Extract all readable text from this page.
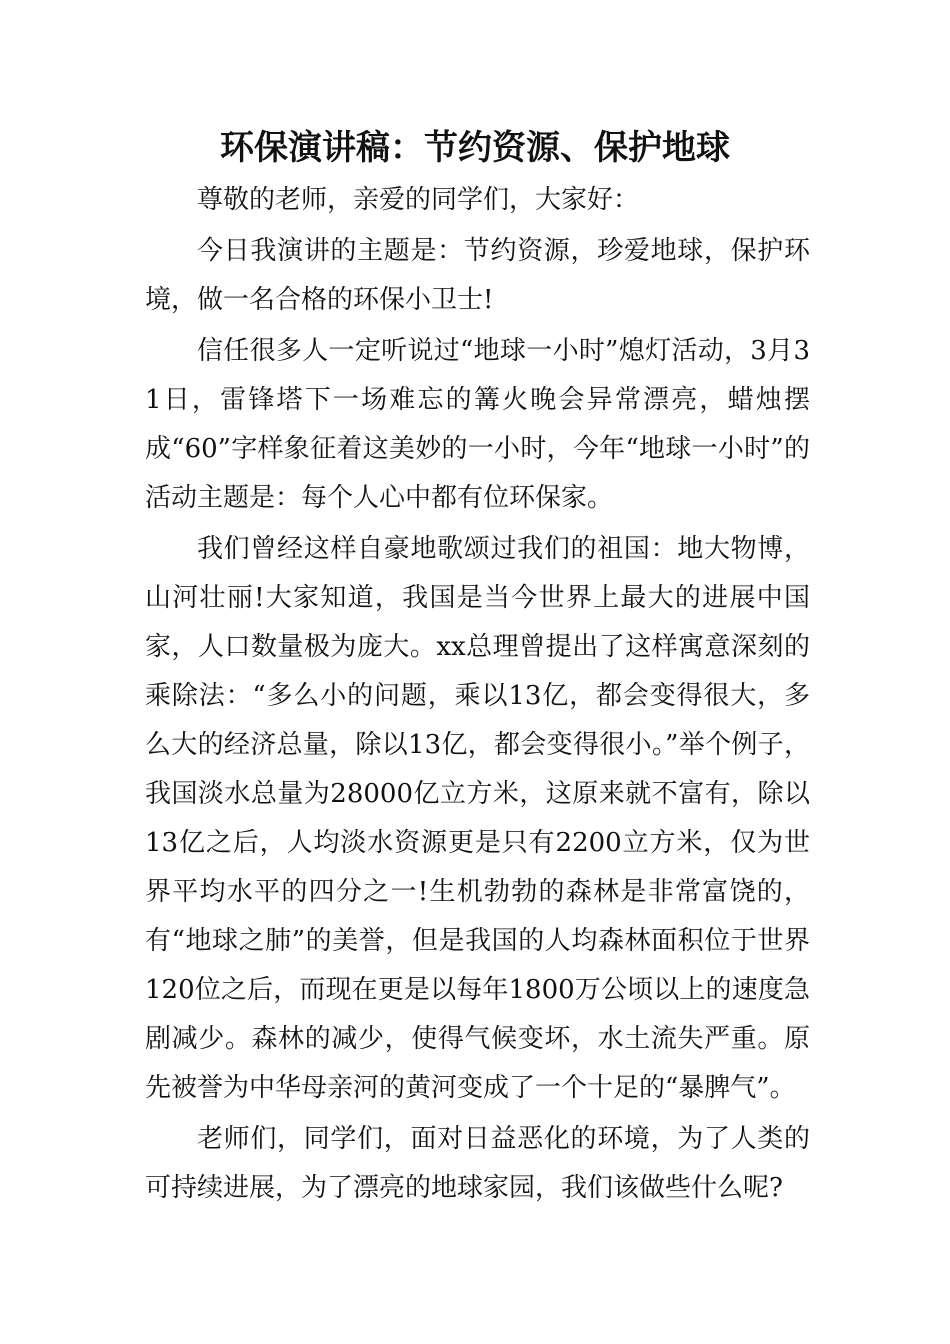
环保演讲稿：节约资源、保护地球

尊敬的老师，亲爱的同学们，大家好：

今日我演讲的主题是：节约资源，珍爱地球，保护环境，做一名合格的环保小卫士!

信任很多人一定听说过“地球一小时”熄灯活动，3月31日，雷锋塔下一场难忘的篝火晚会异常漂亮，蜡烛摆成“60”字样象征着这美妙的一小时，今年“地球一小时”的活动主题是：每个人心中都有位环保家。

我们曾经这样自豪地歌颂过我们的祖国：地大物博，山河壮丽!大家知道，我国是当今世界上最大的进展中国家，人口数量极为庞大。xx总理曾提出了这样寓意深刻的乘除法：“多么小的问题，乘以13亿，都会变得很大，多么大的经济总量，除以13亿，都会变得很小。”举个例子，我国淡水总量为28000亿立方米，这原来就不富有，除以13亿之后，人均淡水资源更是只有2200立方米，仅为世界平均水平的四分之一!生机勃勃的森林是非常富饶的，有“地球之肺”的美誉，但是我国的人均森林面积位于世界120位之后，而现在更是以每年1800万公顷以上的速度急剧减少。森林的减少，使得气候变坏，水土流失严重。原先被誉为中华母亲河的黄河变成了一个十足的“暴脾气”。

老师们，同学们，面对日益恶化的环境，为了人类的可持续进展，为了漂亮的地球家园，我们该做些什么呢?
